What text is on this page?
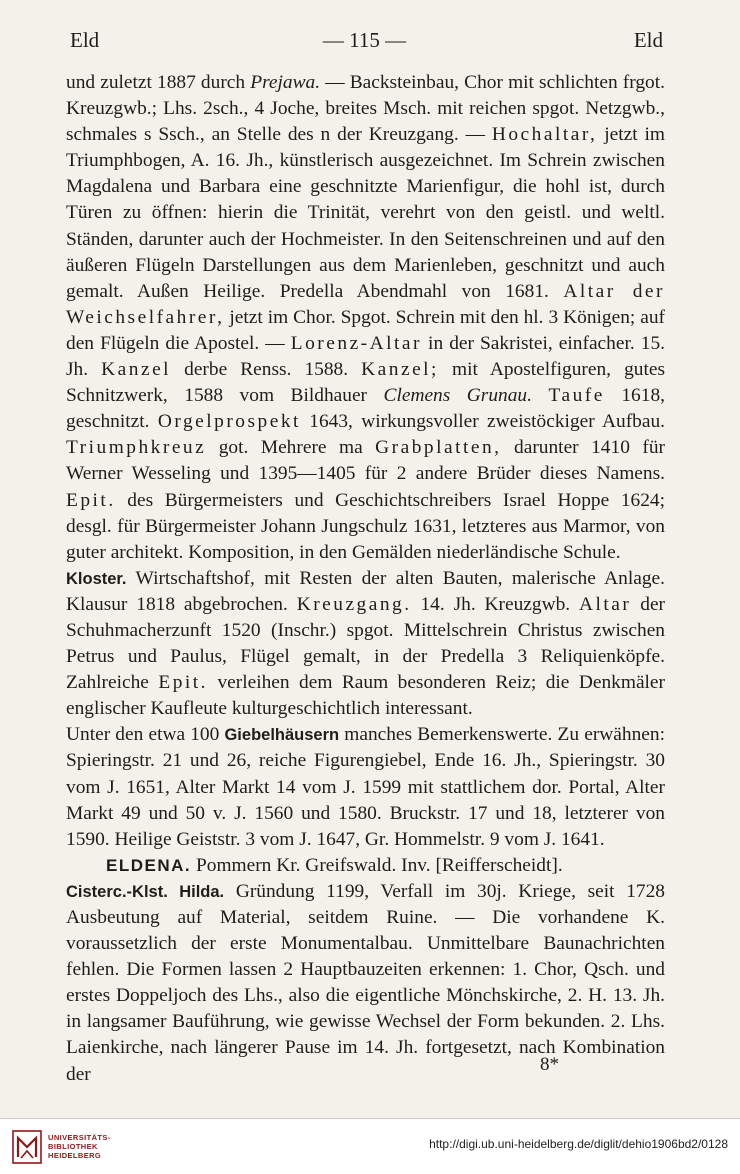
Eld	— 115 —	Eld

und zuletzt 1887 durch Prejawa. — Backsteinbau, Chor mit schlichten frgot. Kreuzgwb.; Lhs. 2sch., 4 Joche, breites Msch. mit reichen spgot. Netzgwb., schmales s Ssch., an Stelle des n der Kreuzgang. — Hochaltar, jetzt im Triumphbogen, A. 16. Jh., künstlerisch ausgezeichnet. Im Schrein zwischen Magdalena und Barbara eine geschnitzte Marienfigur, die hohl ist, durch Türen zu öffnen: hierin die Trinität, verehrt von den geistl. und weltl. Ständen, darunter auch der Hochmeister. In den Seitenschreinen und auf den äußeren Flügeln Darstellungen aus dem Marienleben, geschnitzt und auch gemalt. Außen Heilige. Predella Abendmahl von 1681. Altar der Weichselfahrer, jetzt im Chor. Spgot. Schrein mit den hl. 3 Königen; auf den Flügeln die Apostel. — Lorenz-Altar in der Sakristei, einfacher. 15. Jh. Kanzel derbe Renss. 1588. Kanzel; mit Apostelfiguren, gutes Schnitzwerk, 1588 vom Bildhauer Clemens Grunau. Taufe 1618, geschnitzt. Orgelprospekt 1643, wirkungsvoller zweistöckiger Aufbau. Triumphkreuz got. Mehrere ma Grabplatten, darunter 1410 für Werner Wesseling und 1395—1405 für 2 andere Brüder dieses Namens. Epit. des Bürgermeisters und Geschichtschreibers Israel Hoppe 1624; desgl. für Bürgermeister Johann Jungschulz 1631, letzteres aus Marmor, von guter architekt. Komposition, in den Gemälden niederländische Schule.

Kloster. Wirtschaftshof, mit Resten der alten Bauten, malerische Anlage. Klausur 1818 abgebrochen. Kreuzgang. 14. Jh. Kreuzgwb. Altar der Schuhmacherzunft 1520 (Inschr.) spgot. Mittelschrein Christus zwischen Petrus und Paulus, Flügel gemalt, in der Predella 3 Reliquienköpfe. Zahlreiche Epit. verleihen dem Raum besonderen Reiz; die Denkmäler englischer Kaufleute kulturgeschichtlich interessant.

Unter den etwa 100 Giebelhäusern manches Bemerkenswerte. Zu erwähnen: Spieringstr. 21 und 26, reiche Figurengiebel, Ende 16. Jh., Spieringstr. 30 vom J. 1651, Alter Markt 14 vom J. 1599 mit stattlichem dor. Portal, Alter Markt 49 und 50 v. J. 1560 und 1580. Bruckstr. 17 und 18, letzterer von 1590. Heilige Geiststr. 3 vom J. 1647, Gr. Hommelstr. 9 vom J. 1641.

ELDENA. Pommern Kr. Greifswald. Inv. [Reifferscheidt].

Cisterc.-Klst. Hilda. Gründung 1199, Verfall im 30j. Kriege, seit 1728 Ausbeutung auf Material, seitdem Ruine. — Die vorhandene K. voraussetzlich der erste Monumentalbau. Unmittelbare Baunachrichten fehlen. Die Formen lassen 2 Hauptbauzeiten erkennen: 1. Chor, Qsch. und erstes Doppeljoch des Lhs., also die eigentliche Mönchskirche, 2. H. 13. Jh. in langsamer Bauführung, wie gewisse Wechsel der Form bekunden. 2. Lhs. Laienkirche, nach längerer Pause im 14. Jh. fortgesetzt, nach Kombination der	8*
UNIVERSITÄTS-
BIBLIOTHEK
HEIDELBERG
http://digi.ub.uni-heidelberg.de/diglit/dehio1906bd2/0128
